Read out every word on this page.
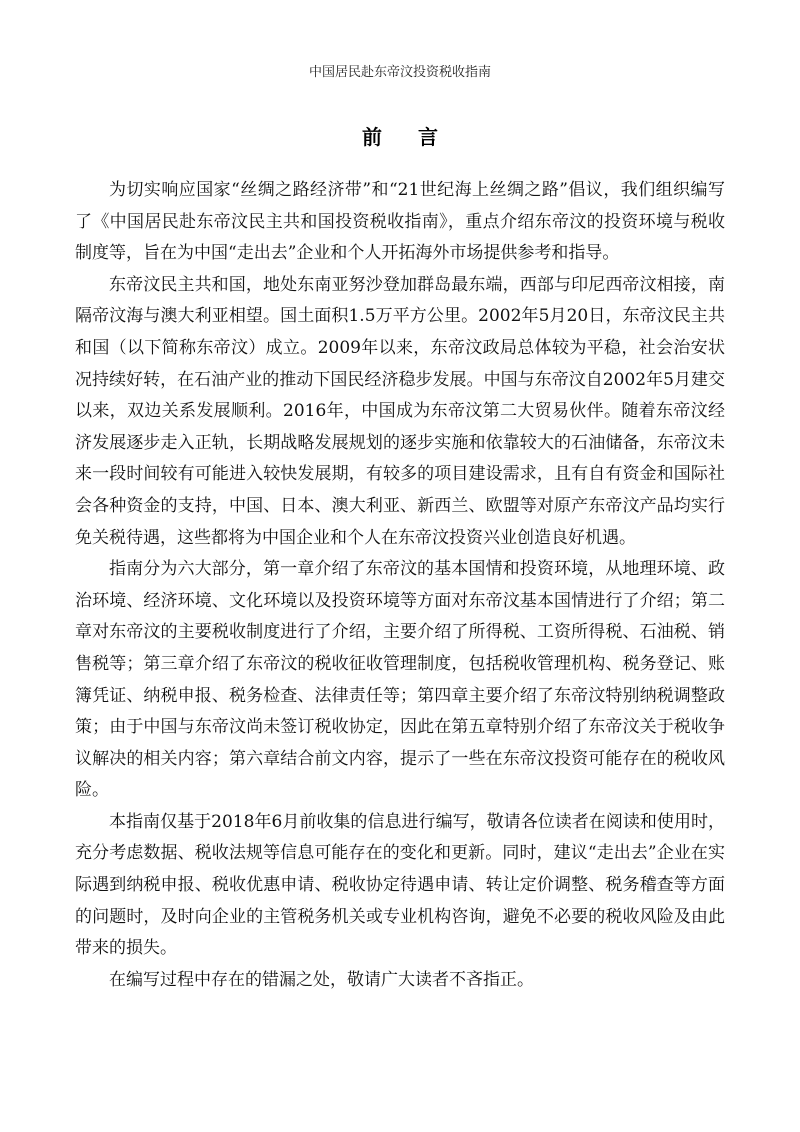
中国居民赴东帝汶投资税收指南
前言

为切实响应国家“丝绸之路经济带”和“21世纪海上丝绸之路”倡议，我们组织编写了《中国居民赴东帝汶民主共和国投资税收指南》，重点介绍东帝汶的投资环境与税收制度等，旨在为中国“走出去”企业和个人开拓海外市场提供参考和指导。

东帝汶民主共和国，地处东南亚努沙登加群岛最东端，西部与印尼西帝汶相接，南隔帝汶海与澳大利亚相望。国土面积1.5万平方公里。2002年5月20日，东帝汶民主共和国（以下简称东帝汶）成立。2009年以来，东帝汶政局总体较为平稳，社会治安状况持续好转，在石油产业的推动下国民经济稳步发展。中国与东帝汶自2002年5月建交以来，双边关系发展顺利。2016年，中国成为东帝汶第二大贸易伙伴。随着东帝汶经济发展逐步走入正轨，长期战略发展规划的逐步实施和依靠较大的石油储备，东帝汶未来一段时间较有可能进入较快发展期，有较多的项目建设需求，且有自有资金和国际社会各种资金的支持，中国、日本、澳大利亚、新西兰、欧盟等对原产东帝汶产品均实行免关税待遇，这些都将为中国企业和个人在东帝汶投资兴业创造良好机遇。

指南分为六大部分，第一章介绍了东帝汶的基本国情和投资环境，从地理环境、政治环境、经济环境、文化环境以及投资环境等方面对东帝汶基本国情进行了介绍；第二章对东帝汶的主要税收制度进行了介绍，主要介绍了所得税、工资所得税、石油税、销售税等；第三章介绍了东帝汶的税收征收管理制度，包括税收管理机构、税务登记、账簿凭证、纳税申报、税务检查、法律责任等；第四章主要介绍了东帝汶特别纳税调整政策；由于中国与东帝汶尚未签订税收协定，因此在第五章特别介绍了东帝汶关于税收争议解决的相关内容；第六章结合前文内容，提示了一些在东帝汶投资可能存在的税收风险。

本指南仅基于2018年6月前收集的信息进行编写，敬请各位读者在阅读和使用时，充分考虑数据、税收法规等信息可能存在的变化和更新。同时，建议“走出去”企业在实际遇到纳税申报、税收优惠申请、税收协定待遇申请、转让定价调整、税务稽查等方面的问题时，及时向企业的主管税务机关或专业机构咨询，避免不必要的税收风险及由此带来的损失。

在编写过程中存在的错漏之处，敬请广大读者不吝指正。
